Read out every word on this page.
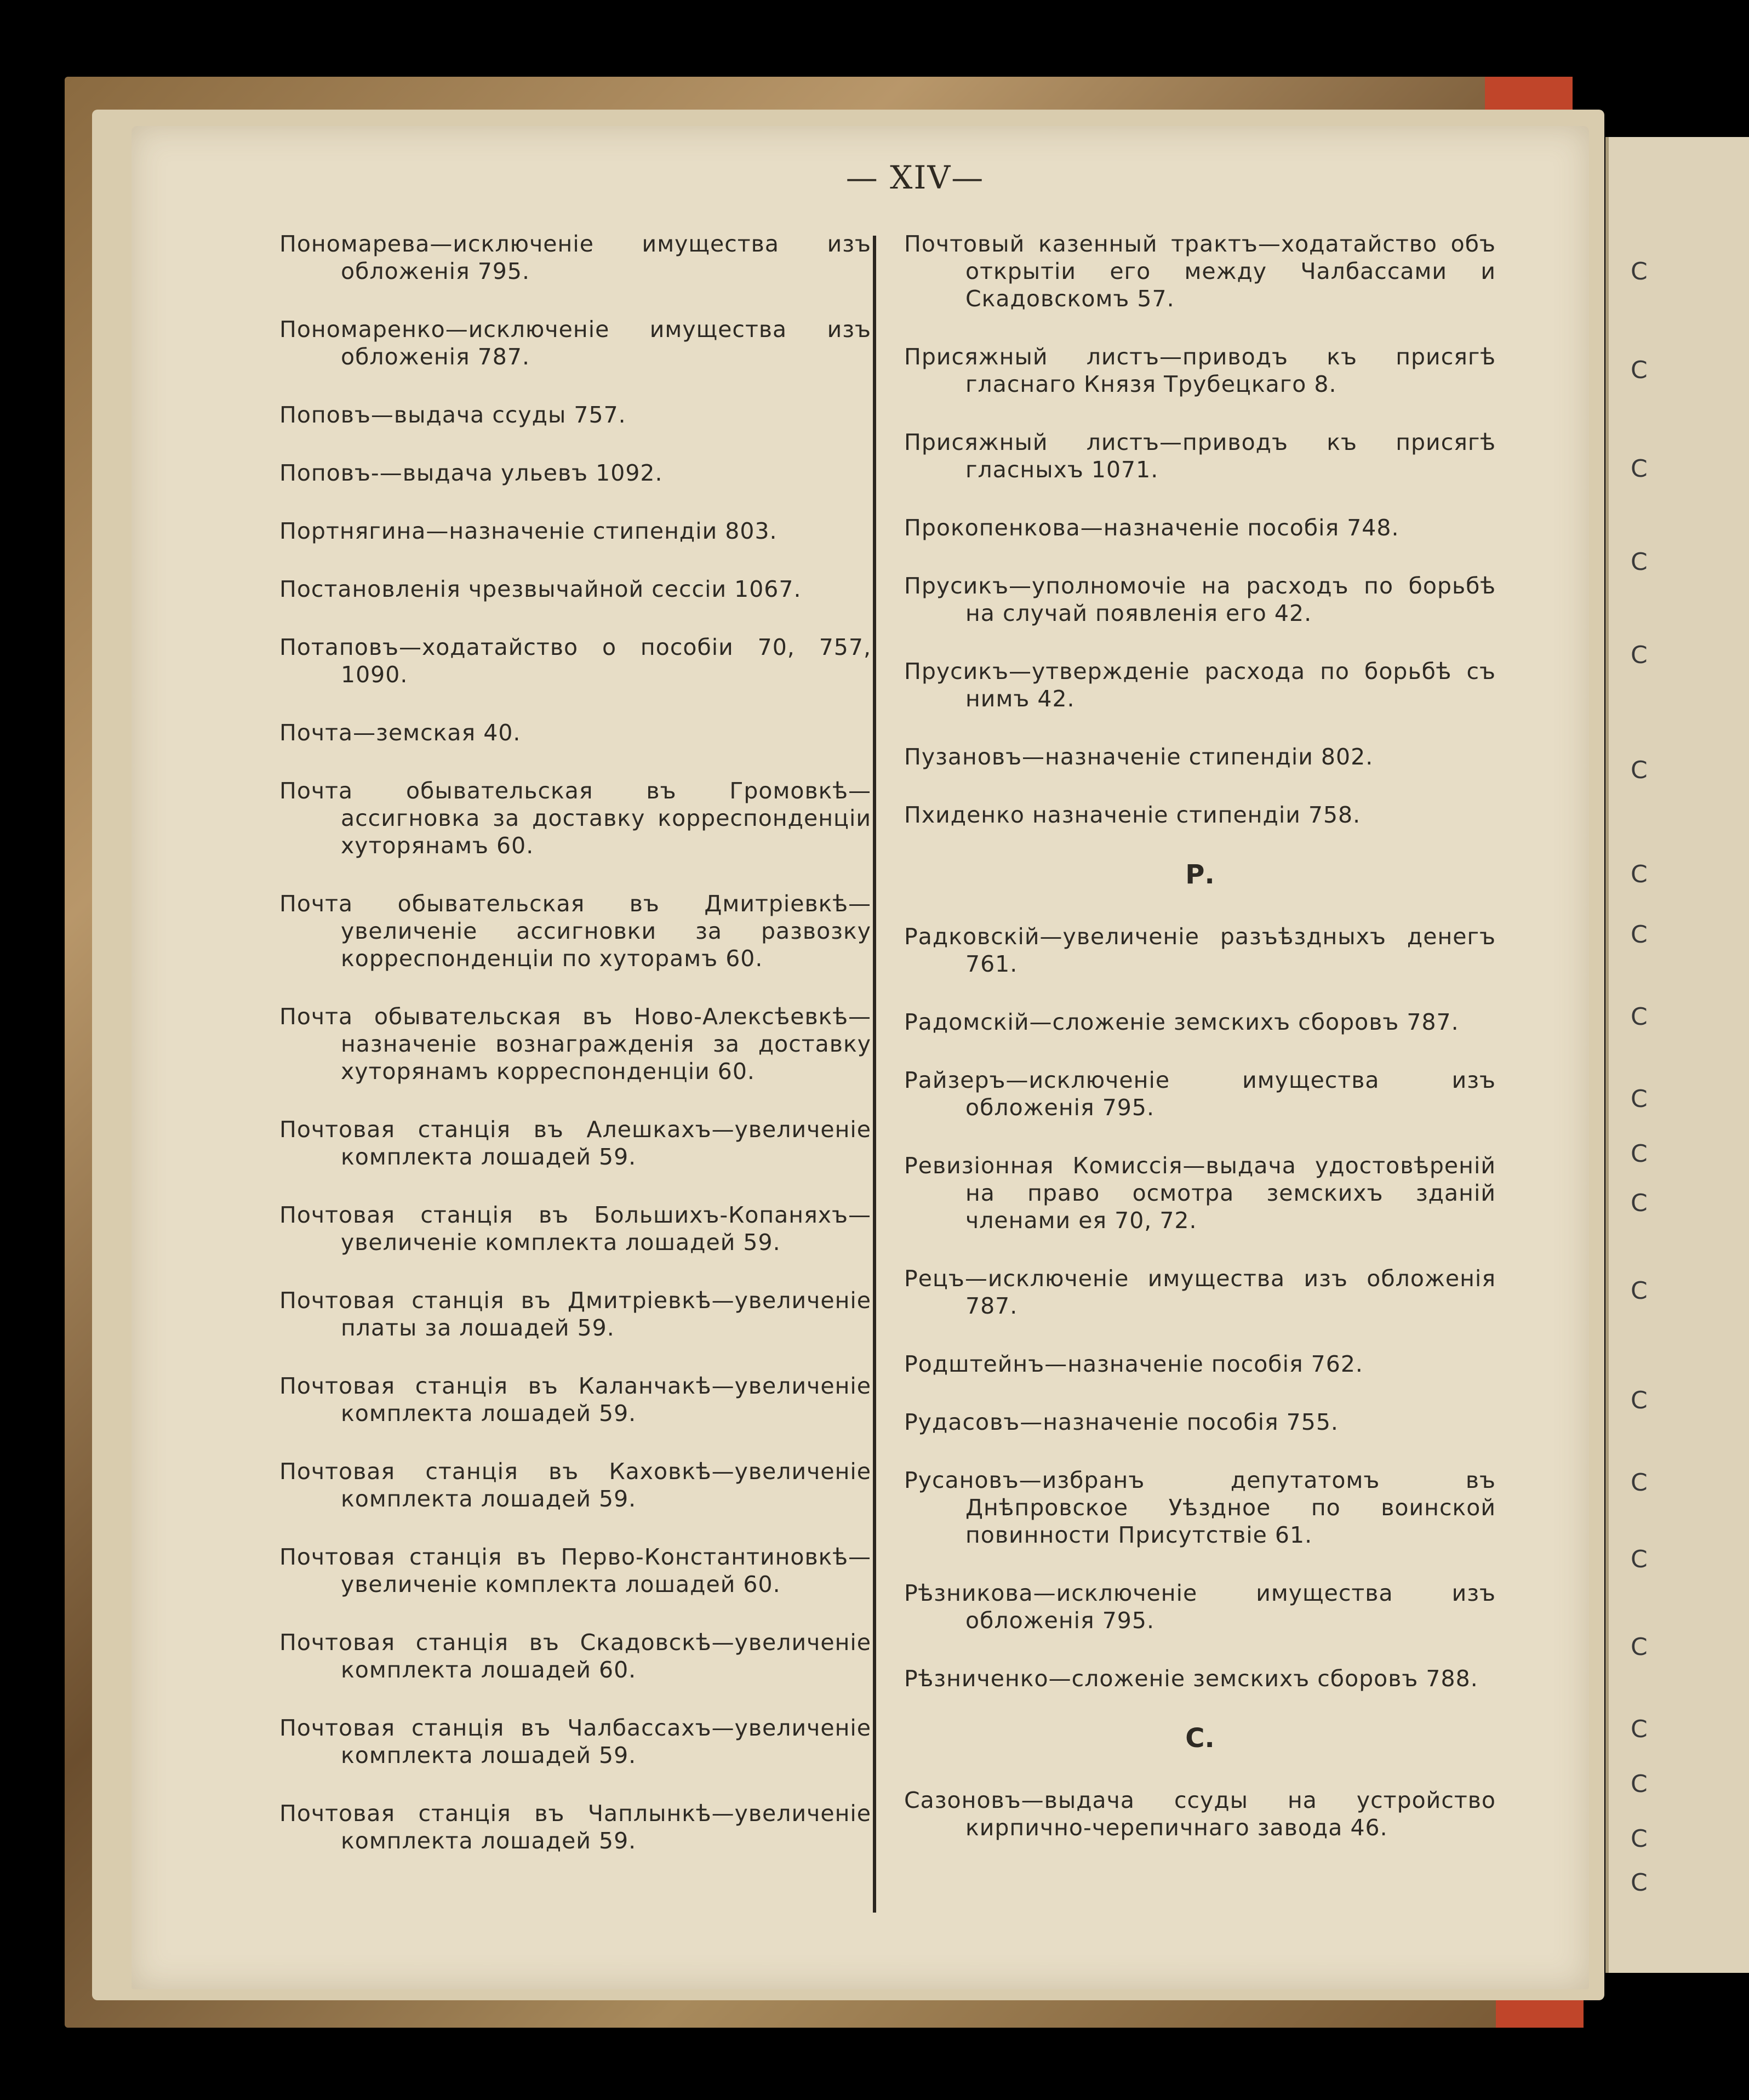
С
С
С
С
С
С
С
С
С
С
С
С
С
С
С
С
С
С
С
С
С
— XIV—
Пономарева—исключеніе имущества изъ обложенія 795.
Пономаренко—исключеніе имущества изъ обложенія 787.
Поповъ—выдача ссуды 757.
Поповъ-—выдача ульевъ 1092.
Портнягина—назначеніе стипендіи 803.
Постановленія чрезвычайной сессіи 1067.
Потаповъ—ходатайство о пособіи 70, 757, 1090.
Почта—земская 40.
Почта обывательская въ Громовкѣ—ассигновка за доставку корреспонденціи хуторянамъ 60.
Почта обывательская въ Дмитріевкѣ—увеличеніе ассигновки за развозку корреспонденціи по хуторамъ 60.
Почта обывательская въ Ново-Алексѣевкѣ—назначеніе вознагражденія за доставку хуторянамъ корреспонденціи 60.
Почтовая станція въ Алешкахъ—увеличеніе комплекта лошадей 59.
Почтовая станція въ Большихъ-Копаняхъ—увеличеніе комплекта лошадей 59.
Почтовая станція въ Дмитріевкѣ—увеличеніе платы за лошадей 59.
Почтовая станція въ Каланчакѣ—увеличеніе комплекта лошадей 59.
Почтовая станція въ Каховкѣ—увеличеніе комплекта лошадей 59.
Почтовая станція въ Перво-Константиновкѣ—увеличеніе комплекта лошадей 60.
Почтовая станція въ Скадовскѣ—увеличеніе комплекта лошадей 60.
Почтовая станція въ Чалбассахъ—увеличеніе комплекта лошадей 59.
Почтовая станція въ Чаплынкѣ—увеличеніе комплекта лошадей 59.
Почтовый казенный трактъ—ходатайство объ открытіи его между Чалбассами и Скадовскомъ 57.
Присяжный листъ—приводъ къ присягѣ гласнаго Князя Трубецкаго 8.
Присяжный листъ—приводъ къ присягѣ гласныхъ 1071.
Прокопенкова—назначеніе пособія 748.
Прусикъ—уполномочіе на расходъ по борьбѣ на случай появленія его 42.
Прусикъ—утвержденіе расхода по борьбѣ съ нимъ 42.
Пузановъ—назначеніе стипендіи 802.
Пхиденко назначеніе стипендіи 758.
Р.
Радковскій—увеличеніе разъѣздныхъ денегъ 761.
Радомскій—сложеніе земскихъ сборовъ 787.
Райзеръ—исключеніе имущества изъ обложенія 795.
Ревизіонная Комиссія—выдача удостовѣреній на право осмотра земскихъ зданій членами ея 70, 72.
Рецъ—исключеніе имущества изъ обложенія 787.
Родштейнъ—назначеніе пособія 762.
Рудасовъ—назначеніе пособія 755.
Русановъ—избранъ депутатомъ въ Днѣпровское Уѣздное по воинской повинности Присутствіе 61.
Рѣзникова—исключеніе имущества изъ обложенія 795.
Рѣзниченко—сложеніе земскихъ сборовъ 788.
С.
Сазоновъ—выдача ссуды на устройство кирпично-черепичнаго завода 46.
